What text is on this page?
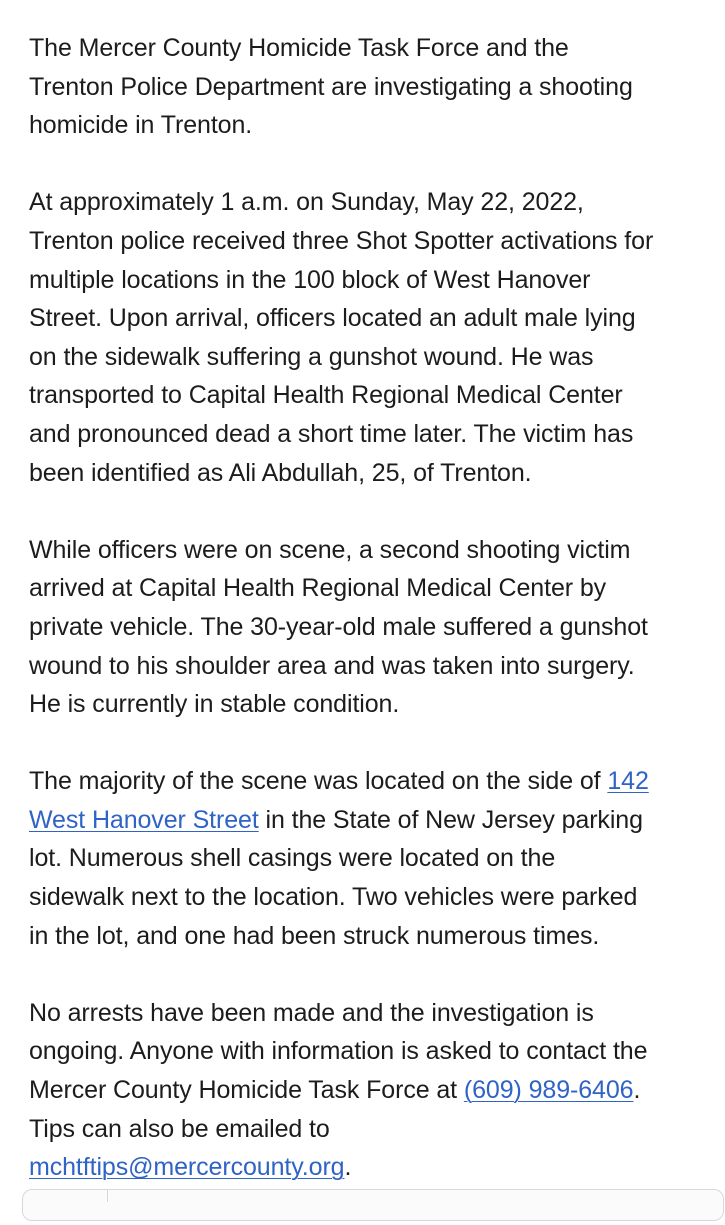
The Mercer County Homicide Task Force and the
Trenton Police Department are investigating a shooting
homicide in Trenton.

At approximately 1 a.m. on Sunday, May 22, 2022,
Trenton police received three Shot Spotter activations for
multiple locations in the 100 block of West Hanover
Street. Upon arrival, officers located an adult male lying
on the sidewalk suffering a gunshot wound. He was
transported to Capital Health Regional Medical Center
and pronounced dead a short time later. The victim has
been identified as Ali Abdullah, 25, of Trenton.

While officers were on scene, a second shooting victim
arrived at Capital Health Regional Medical Center by
private vehicle. The 30-year-old male suffered a gunshot
wound to his shoulder area and was taken into surgery.
He is currently in stable condition.

The majority of the scene was located on the side of 142
West Hanover Street in the State of New Jersey parking
lot. Numerous shell casings were located on the
sidewalk next to the location. Two vehicles were parked
in the lot, and one had been struck numerous times.

No arrests have been made and the investigation is
ongoing. Anyone with information is asked to contact the
Mercer County Homicide Task Force at (609) 989-6406.
Tips can also be emailed to
mchtftips@mercercounty.org.
